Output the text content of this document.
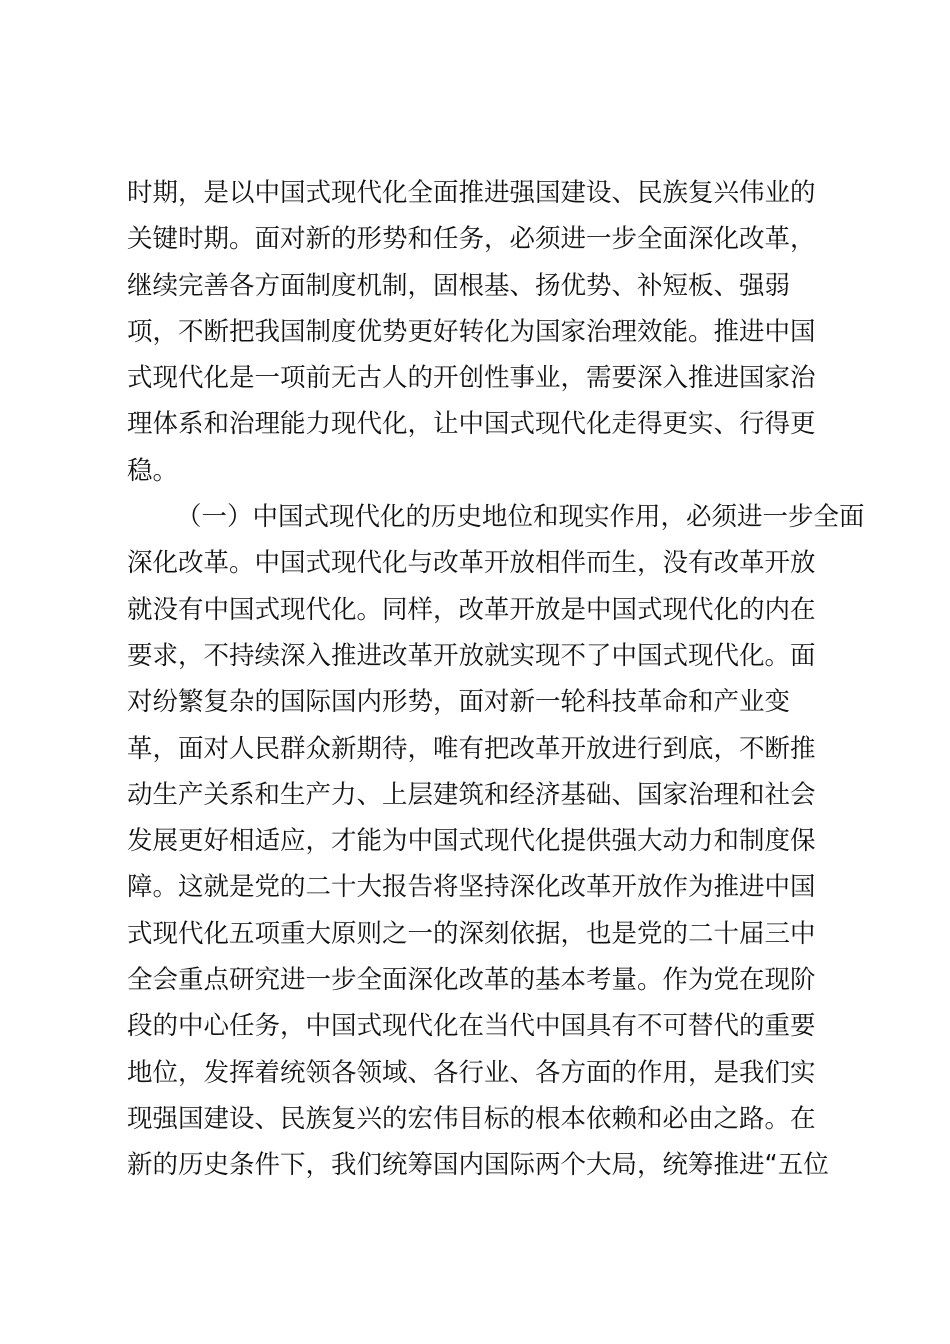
时期，是以中国式现代化全面推进强国建设、民族复兴伟业的
关键时期。面对新的形势和任务，必须进一步全面深化改革，
继续完善各方面制度机制，固根基、扬优势、补短板、强弱
项，不断把我国制度优势更好转化为国家治理效能。推进中国
式现代化是一项前无古人的开创性事业，需要深入推进国家治
理体系和治理能力现代化，让中国式现代化走得更实、行得更
稳。
（一）中国式现代化的历史地位和现实作用，必须进一步全面
深化改革。中国式现代化与改革开放相伴而生，没有改革开放
就没有中国式现代化。同样，改革开放是中国式现代化的内在
要求，不持续深入推进改革开放就实现不了中国式现代化。面
对纷繁复杂的国际国内形势，面对新一轮科技革命和产业变
革，面对人民群众新期待，唯有把改革开放进行到底，不断推
动生产关系和生产力、上层建筑和经济基础、国家治理和社会
发展更好相适应，才能为中国式现代化提供强大动力和制度保
障。这就是党的二十大报告将坚持深化改革开放作为推进中国
式现代化五项重大原则之一的深刻依据，也是党的二十届三中
全会重点研究进一步全面深化改革的基本考量。作为党在现阶
段的中心任务，中国式现代化在当代中国具有不可替代的重要
地位，发挥着统领各领域、各行业、各方面的作用，是我们实
现强国建设、民族复兴的宏伟目标的根本依赖和必由之路。在
新的历史条件下，我们统筹国内国际两个大局，统筹推进“五位
